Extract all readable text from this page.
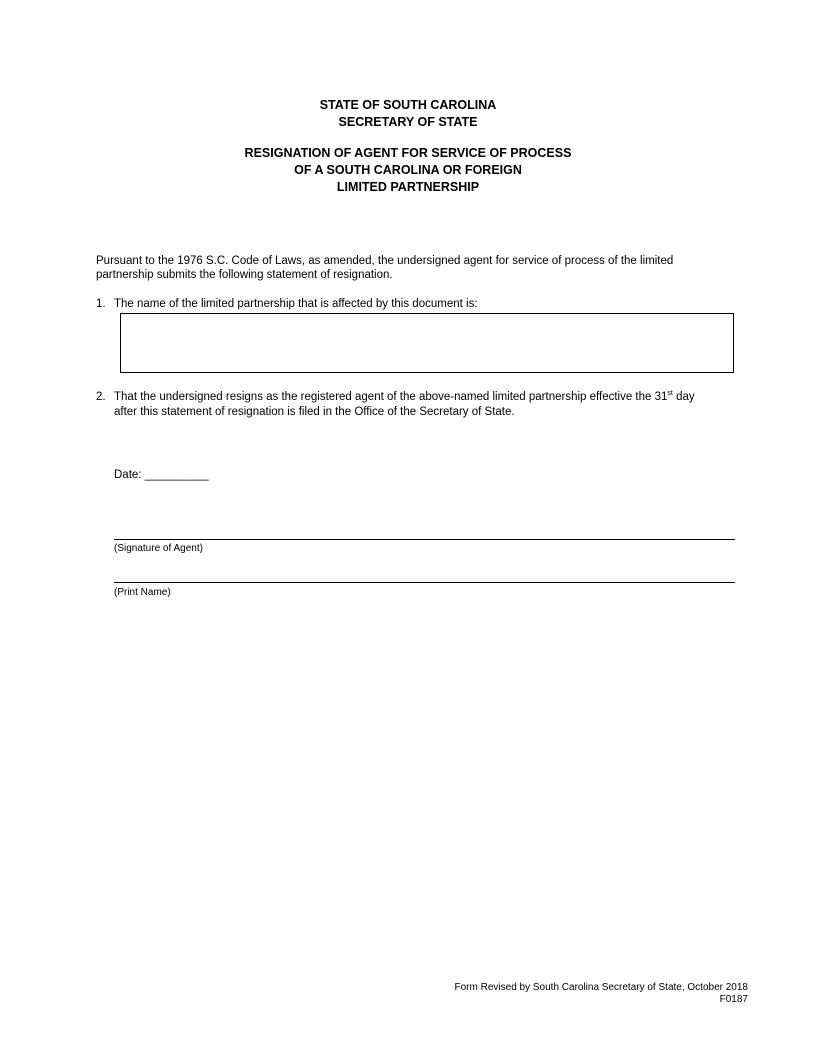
STATE OF SOUTH CAROLINA
SECRETARY OF STATE
RESIGNATION OF AGENT FOR SERVICE OF PROCESS
OF A SOUTH CAROLINA OR FOREIGN
LIMITED PARTNERSHIP
Pursuant to the 1976 S.C. Code of Laws, as amended, the undersigned agent for service of process of the limited
partnership submits the following statement of resignation.
1. The name of the limited partnership that is affected by this document is:
2. That the undersigned resigns as the registered agent of the above-named limited partnership effective the 31st day
after this statement of resignation is filed in the Office of the Secretary of State.
Date: __________
(Signature of Agent)
(Print Name)
Form Revised by South Carolina Secretary of State, October 2018
F0187
